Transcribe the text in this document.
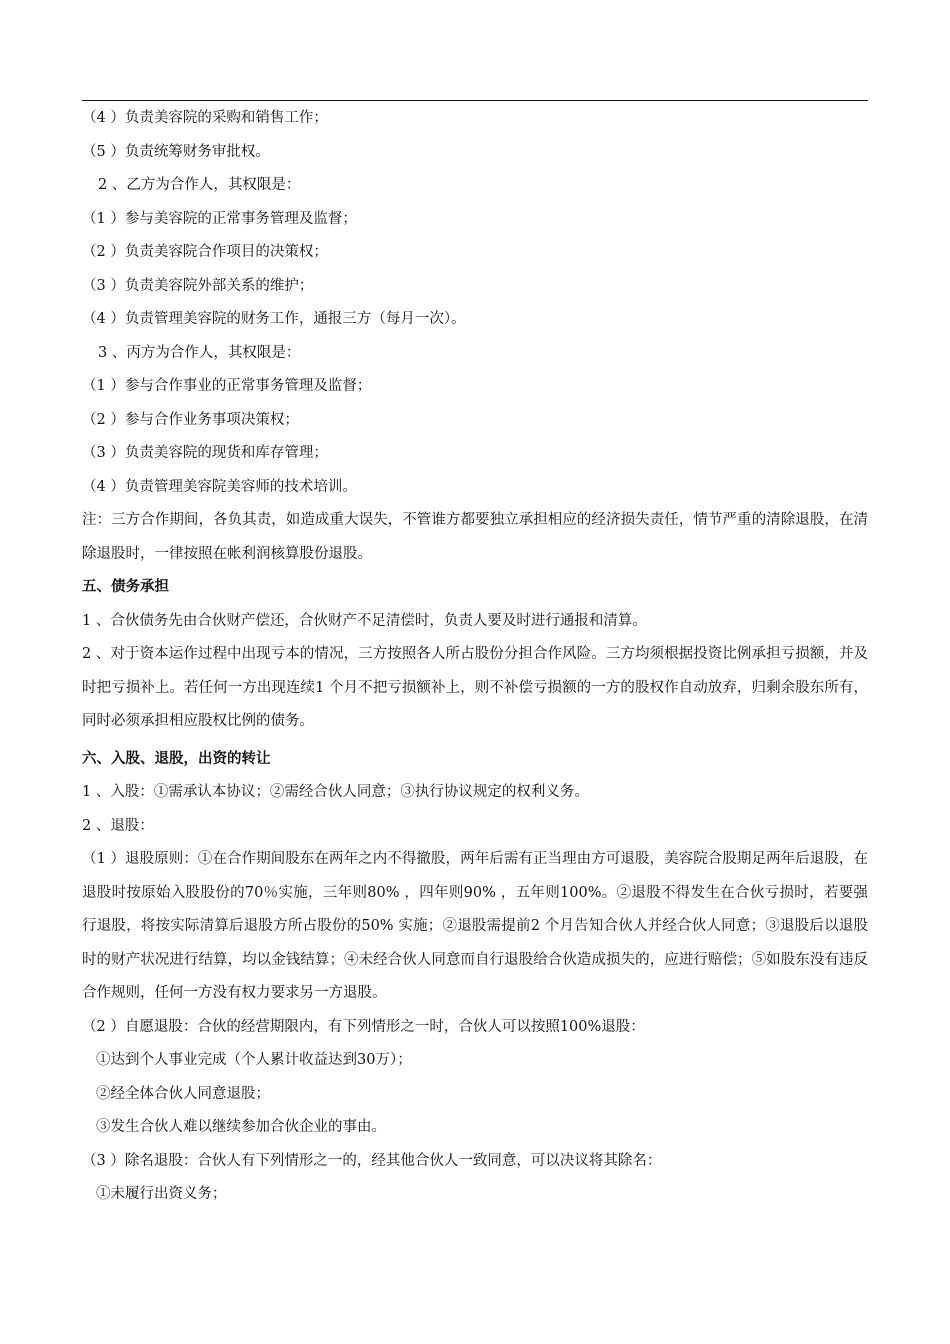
（4 ）负责美容院的采购和销售工作；
（5 ）负责统筹财务审批权。
2 、乙方为合作人，其权限是：
（1 ）参与美容院的正常事务管理及监督；
（2 ）负责美容院合作项目的决策权；
（3 ）负责美容院外部关系的维护；
（4 ）负责管理美容院的财务工作，通报三方（每月一次）。
3 、丙方为合作人，其权限是：
（1 ）参与合作事业的正常事务管理及监督；
（2 ）参与合作业务事项决策权；
（3 ）负责美容院的现货和库存管理；
（4 ）负责管理美容院美容师的技术培训。
注：三方合作期间，各负其责，如造成重大误失，不管谁方都要独立承担相应的经济损失责任，情节严重的清除退股，在清除退股时，一律按照在帐利润核算股份退股。
五、债务承担
1 、合伙债务先由合伙财产偿还，合伙财产不足清偿时，负责人要及时进行通报和清算。
2 、对于资本运作过程中出现亏本的情况，三方按照各人所占股份分担合作风险。三方均须根据投资比例承担亏损额，并及时把亏损补上。若任何一方出现连续1 个月不把亏损额补上，则不补偿亏损额的一方的股权作自动放弃，归剩余股东所有，同时必须承担相应股权比例的债务。
六、入股、退股，出资的转让
1 、入股：①需承认本协议；②需经合伙人同意；③执行协议规定的权利义务。
2 、退股：
（1 ）退股原则：①在合作期间股东在两年之内不得撤股，两年后需有正当理由方可退股，美容院合股期足两年后退股，在退股时按原始入股股份的70％实施，三年则80% ，四年则90% ，五年则100%。②退股不得发生在合伙亏损时，若要强行退股，将按实际清算后退股方所占股份的50% 实施；②退股需提前2 个月告知合伙人并经合伙人同意；③退股后以退股时的财产状况进行结算，均以金钱结算；④未经合伙人同意而自行退股给合伙造成损失的，应进行赔偿；⑤如股东没有违反合作规则，任何一方没有权力要求另一方退股。
（2 ）自愿退股：合伙的经营期限内，有下列情形之一时，合伙人可以按照100%退股：
①达到个人事业完成（个人累计收益达到30万）；
②经全体合伙人同意退股；
③发生合伙人难以继续参加合伙企业的事由。
（3 ）除名退股：合伙人有下列情形之一的，经其他合伙人一致同意，可以决议将其除名：
①未履行出资义务；
